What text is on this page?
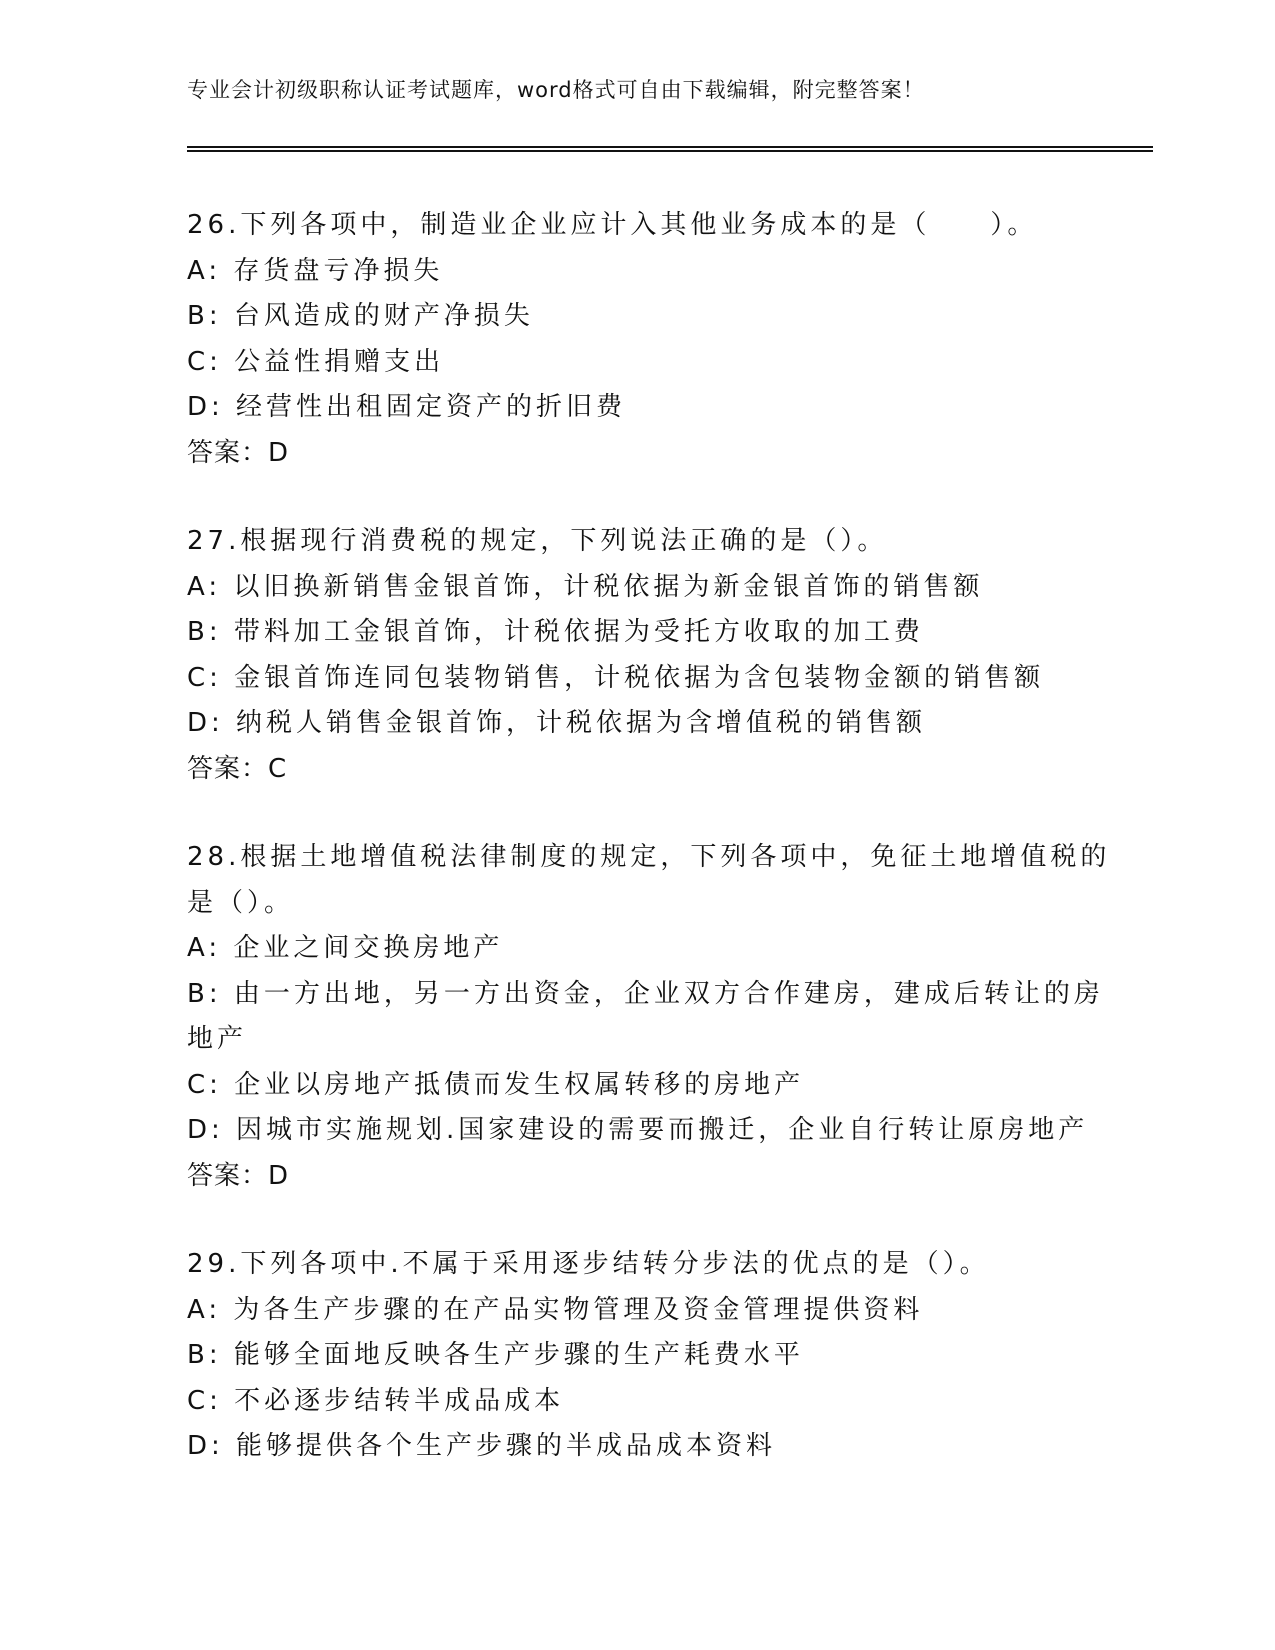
专业会计初级职称认证考试题库，word格式可自由下载编辑，附完整答案！
26.下列各项中，制造业企业应计入其他业务成本的是（　　）。
A: 存货盘亏净损失
B: 台风造成的财产净损失
C: 公益性捐赠支出
D: 经营性出租固定资产的折旧费
答案：D
27.根据现行消费税的规定，下列说法正确的是（）。
A: 以旧换新销售金银首饰，计税依据为新金银首饰的销售额
B: 带料加工金银首饰，计税依据为受托方收取的加工费
C: 金银首饰连同包装物销售，计税依据为含包装物金额的销售额
D: 纳税人销售金银首饰，计税依据为含增值税的销售额
答案：C
28.根据土地增值税法律制度的规定，下列各项中，免征土地增值税的
是（）。
A: 企业之间交换房地产
B: 由一方出地，另一方出资金，企业双方合作建房，建成后转让的房
地产
C: 企业以房地产抵债而发生权属转移的房地产
D: 因城市实施规划.国家建设的需要而搬迁，企业自行转让原房地产
答案：D
29.下列各项中.不属于采用逐步结转分步法的优点的是（）。
A: 为各生产步骤的在产品实物管理及资金管理提供资料
B: 能够全面地反映各生产步骤的生产耗费水平
C: 不必逐步结转半成品成本
D: 能够提供各个生产步骤的半成品成本资料
